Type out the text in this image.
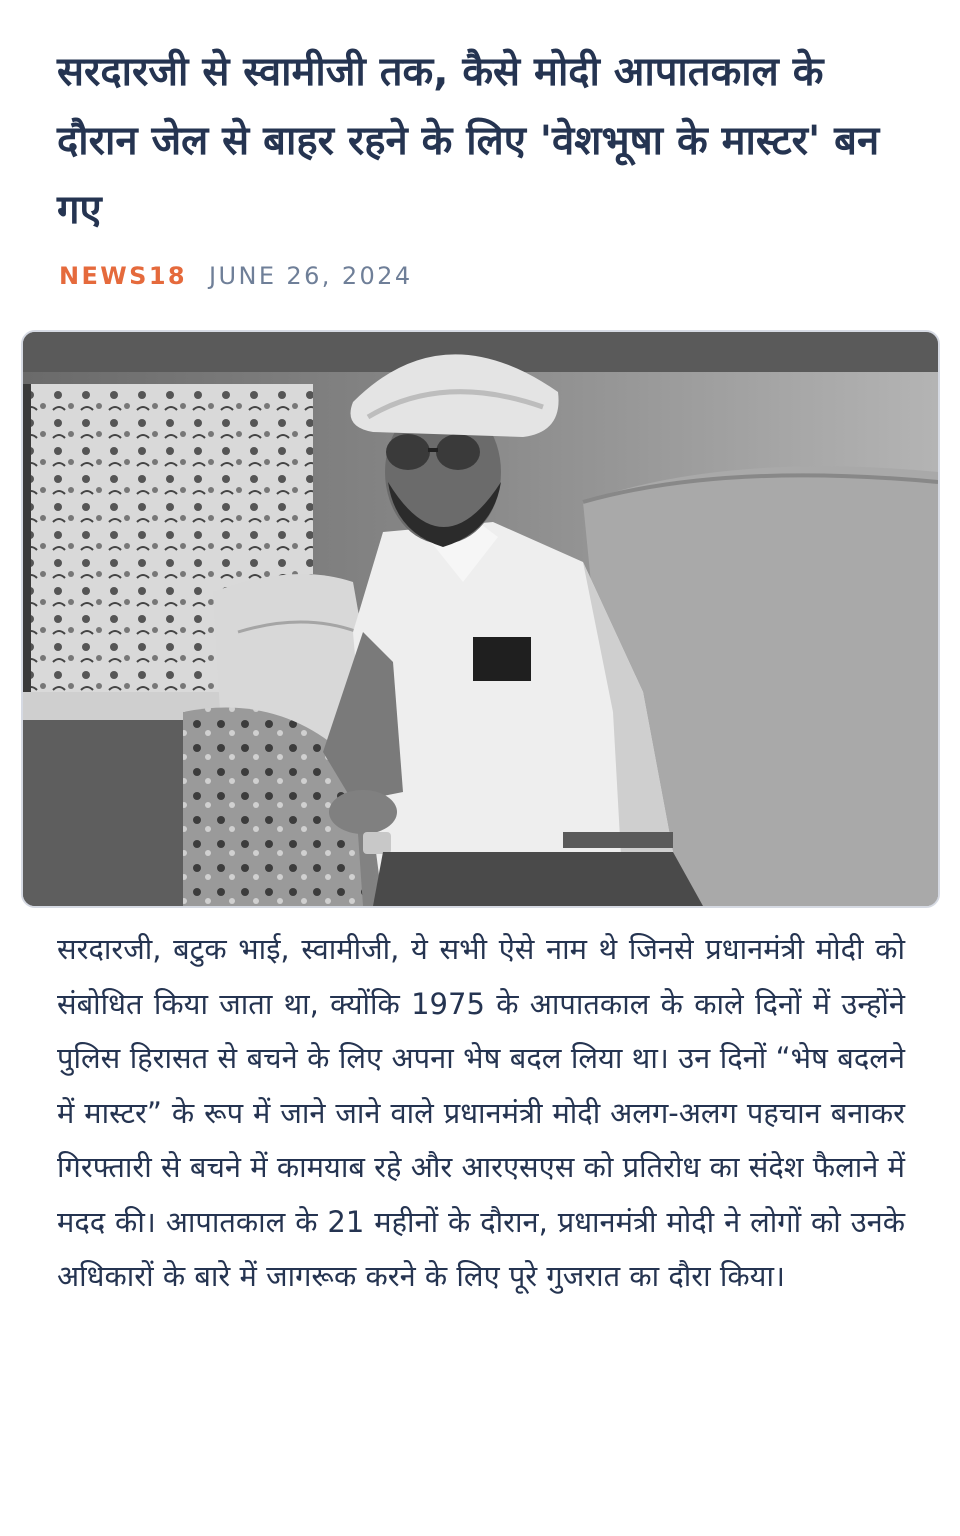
सरदारजी से स्वामीजी तक, कैसे मोदी आपातकाल के दौरान जेल से बाहर रहने के लिए 'वेशभूषा के मास्टर' बन गए
NEWS18 JUNE 26, 2024

सरदारजी, बटुक भाई, स्वामीजी, ये सभी ऐसे नाम थे जिनसे प्रधानमंत्री मोदी को संबोधित किया जाता था, क्योंकि 1975 के आपातकाल के काले दिनों में उन्होंने पुलिस हिरासत से बचने के लिए अपना भेष बदल लिया था। उन दिनों “भेष बदलने में मास्टर” के रूप में जाने जाने वाले प्रधानमंत्री मोदी अलग-अलग पहचान बनाकर गिरफ्तारी से बचने में कामयाब रहे और आरएसएस को प्रतिरोध का संदेश फैलाने में मदद की। आपातकाल के 21 महीनों के दौरान, प्रधानमंत्री मोदी ने लोगों को उनके अधिकारों के बारे में जागरूक करने के लिए पूरे गुजरात का दौरा किया।
